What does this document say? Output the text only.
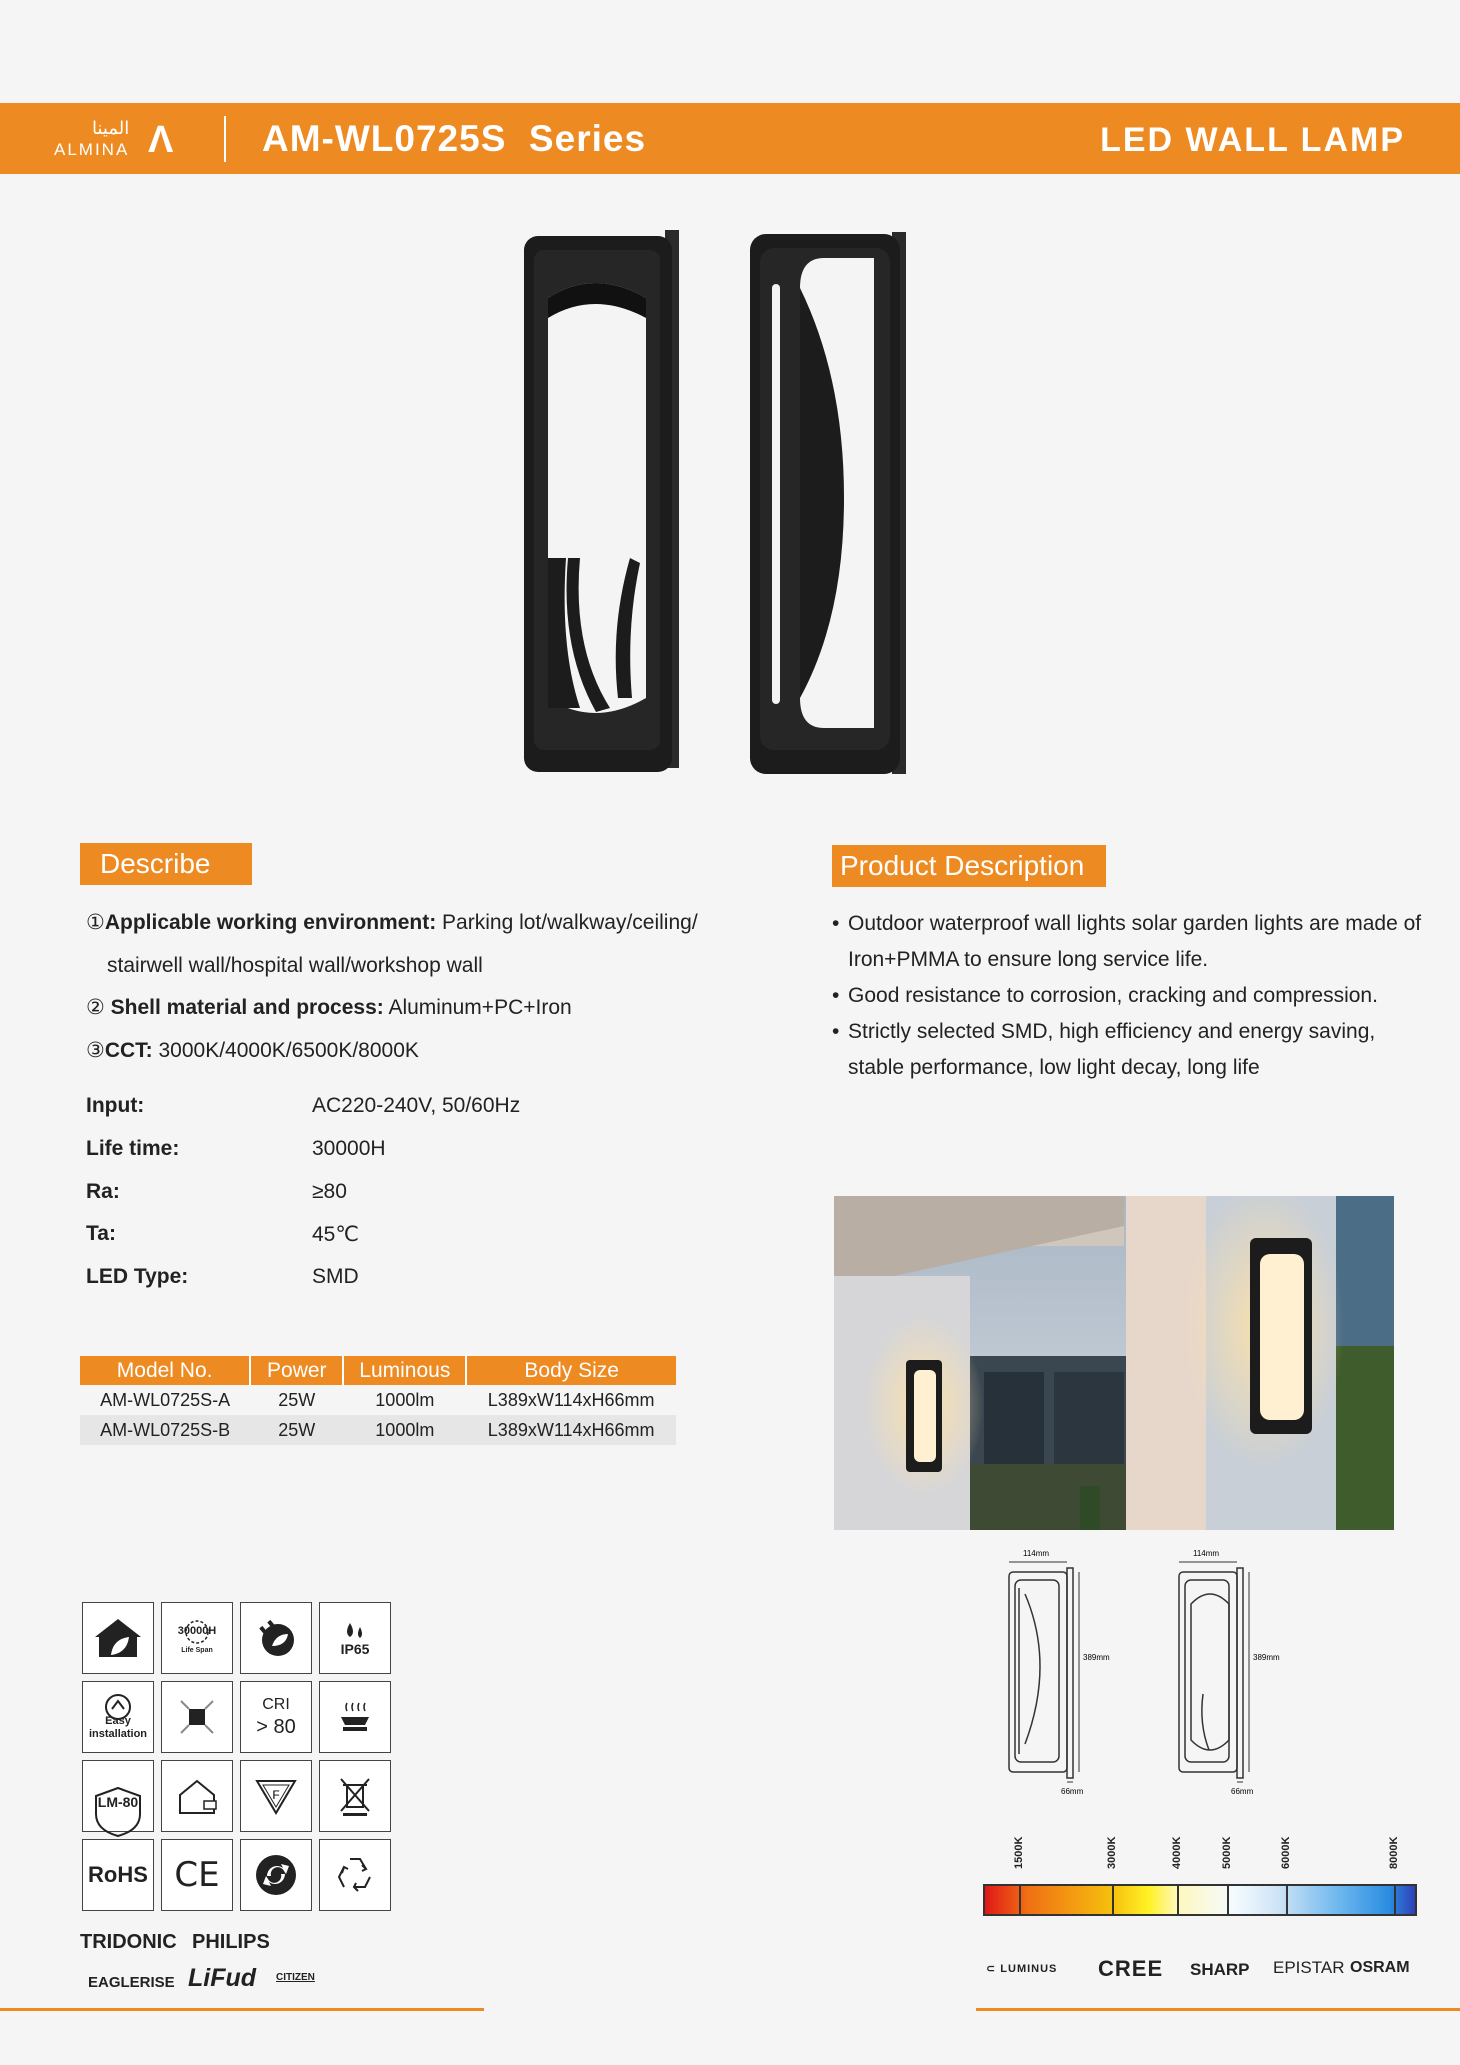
المينا
ALMINA Λ AM-WL0725S  Series	LED WALL LAMP
Describe
①Applicable working environment: Parking lot/walkway/ceiling/
stairwell wall/hospital wall/workshop wall
② Shell material and process: Aluminum+PC+Iron
③CCT: 3000K/4000K/6500K/8000K
Input:	AC220-240V, 50/60Hz
Life time:	30000H
Ra:	≥80
Ta:	45℃
LED Type:	SMD
Product Description
• Outdoor waterproof wall lights solar garden lights are made of Iron+PMMA to ensure long service life.
• Good resistance to corrosion, cracking and compression.
• Strictly selected SMD, high efficiency and energy saving, stable performance, low light decay, long life
Model No.	Power	Luminous	Body Size
AM-WL0725S-A	25W	1000lm	L389xW114xH66mm
AM-WL0725S-B	25W	1000lm	L389xW114xH66mm
114mm
389mm
66mm
114mm
389mm
66mm
30000H
Life Span	IP65
Easy
installation
CRI
> 80
LM-80	F
RoHS CE
TRIDONIC PHILIPS
EAGLERISE LiFud CITIZEN
1500K	3000K	4000K	5000K	6000K	8000K
⊂ LUMINUS CREE SHARP EPISTAR OSRAM
